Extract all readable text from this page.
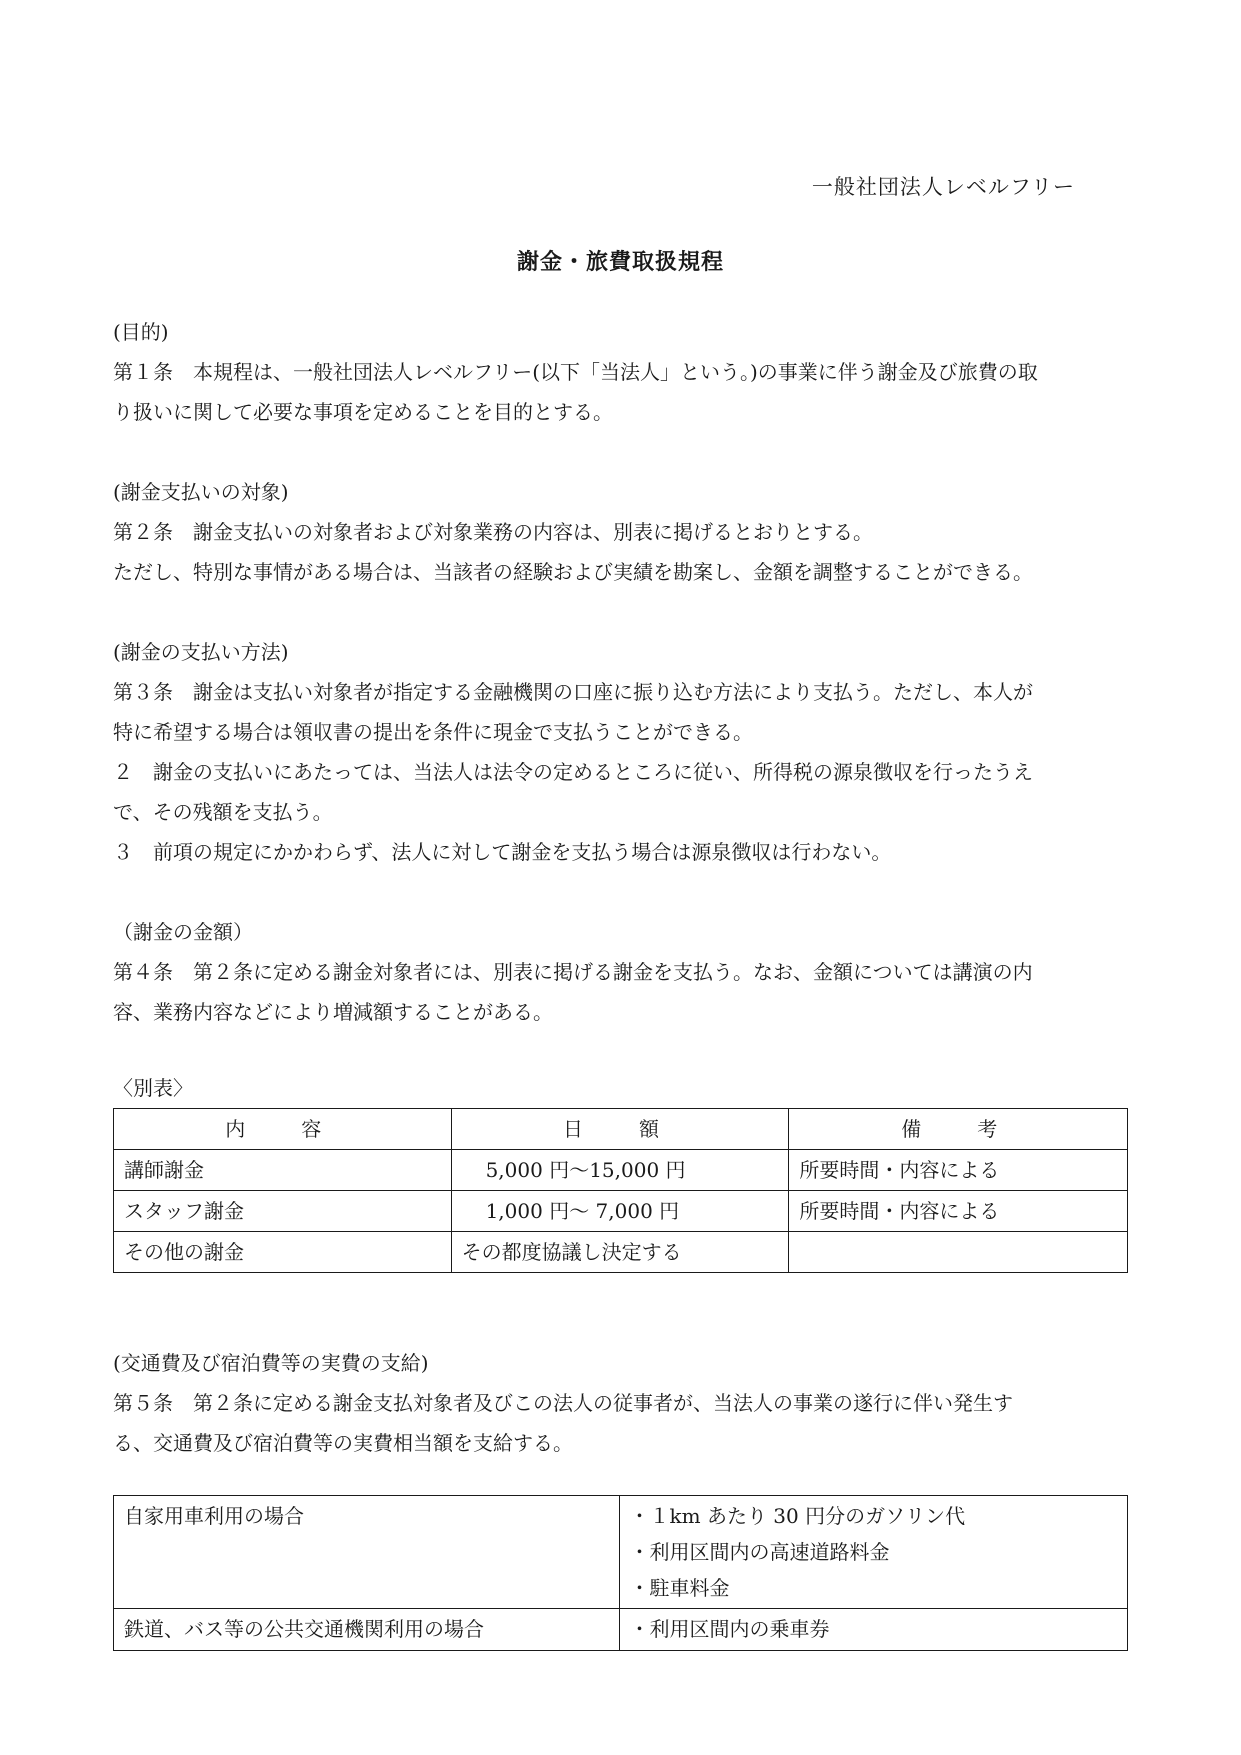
一般社団法人レベルフリー
謝金・旅費取扱規程

(目的)

第１条　本規程は、一般社団法人レベルフリー(以下「当法人」という。)の事業に伴う謝金及び旅費の取

り扱いに関して必要な事項を定めることを目的とする。

(謝金支払いの対象)

第２条　謝金支払いの対象者および対象業務の内容は、別表に掲げるとおりとする。

ただし、特別な事情がある場合は、当該者の経験および実績を勘案し、金額を調整することができる。

(謝金の支払い方法)

第３条　謝金は支払い対象者が指定する金融機関の口座に振り込む方法により支払う。ただし、本人が

特に希望する場合は領収書の提出を条件に現金で支払うことができる。

２　謝金の支払いにあたっては、当法人は法令の定めるところに従い、所得税の源泉徴収を行ったうえ

で、その残額を支払う。

３　前項の規定にかかわらず、法人に対して謝金を支払う場合は源泉徴収は行わない。

（謝金の金額）

第４条　第２条に定める謝金対象者には、別表に掲げる謝金を支払う。なお、金額については講演の内

容、業務内容などにより増減額することがある。

〈別表〉

内　容	日　額	備　考
講師謝金	5,000 円～15,000 円	所要時間・内容による
スタッフ謝金	1,000 円～ 7,000 円	所要時間・内容による
その他の謝金	その都度協議し決定する	

(交通費及び宿泊費等の実費の支給)

第５条　第２条に定める謝金支払対象者及びこの法人の従事者が、当法人の事業の遂行に伴い発生す

る、交通費及び宿泊費等の実費相当額を支給する。

自家用車利用の場合	・１km あたり 30 円分のガソリン代
・利用区間内の高速道路料金
・駐車料金

鉄道、バス等の公共交通機関利用の場合	・利用区間内の乗車券
